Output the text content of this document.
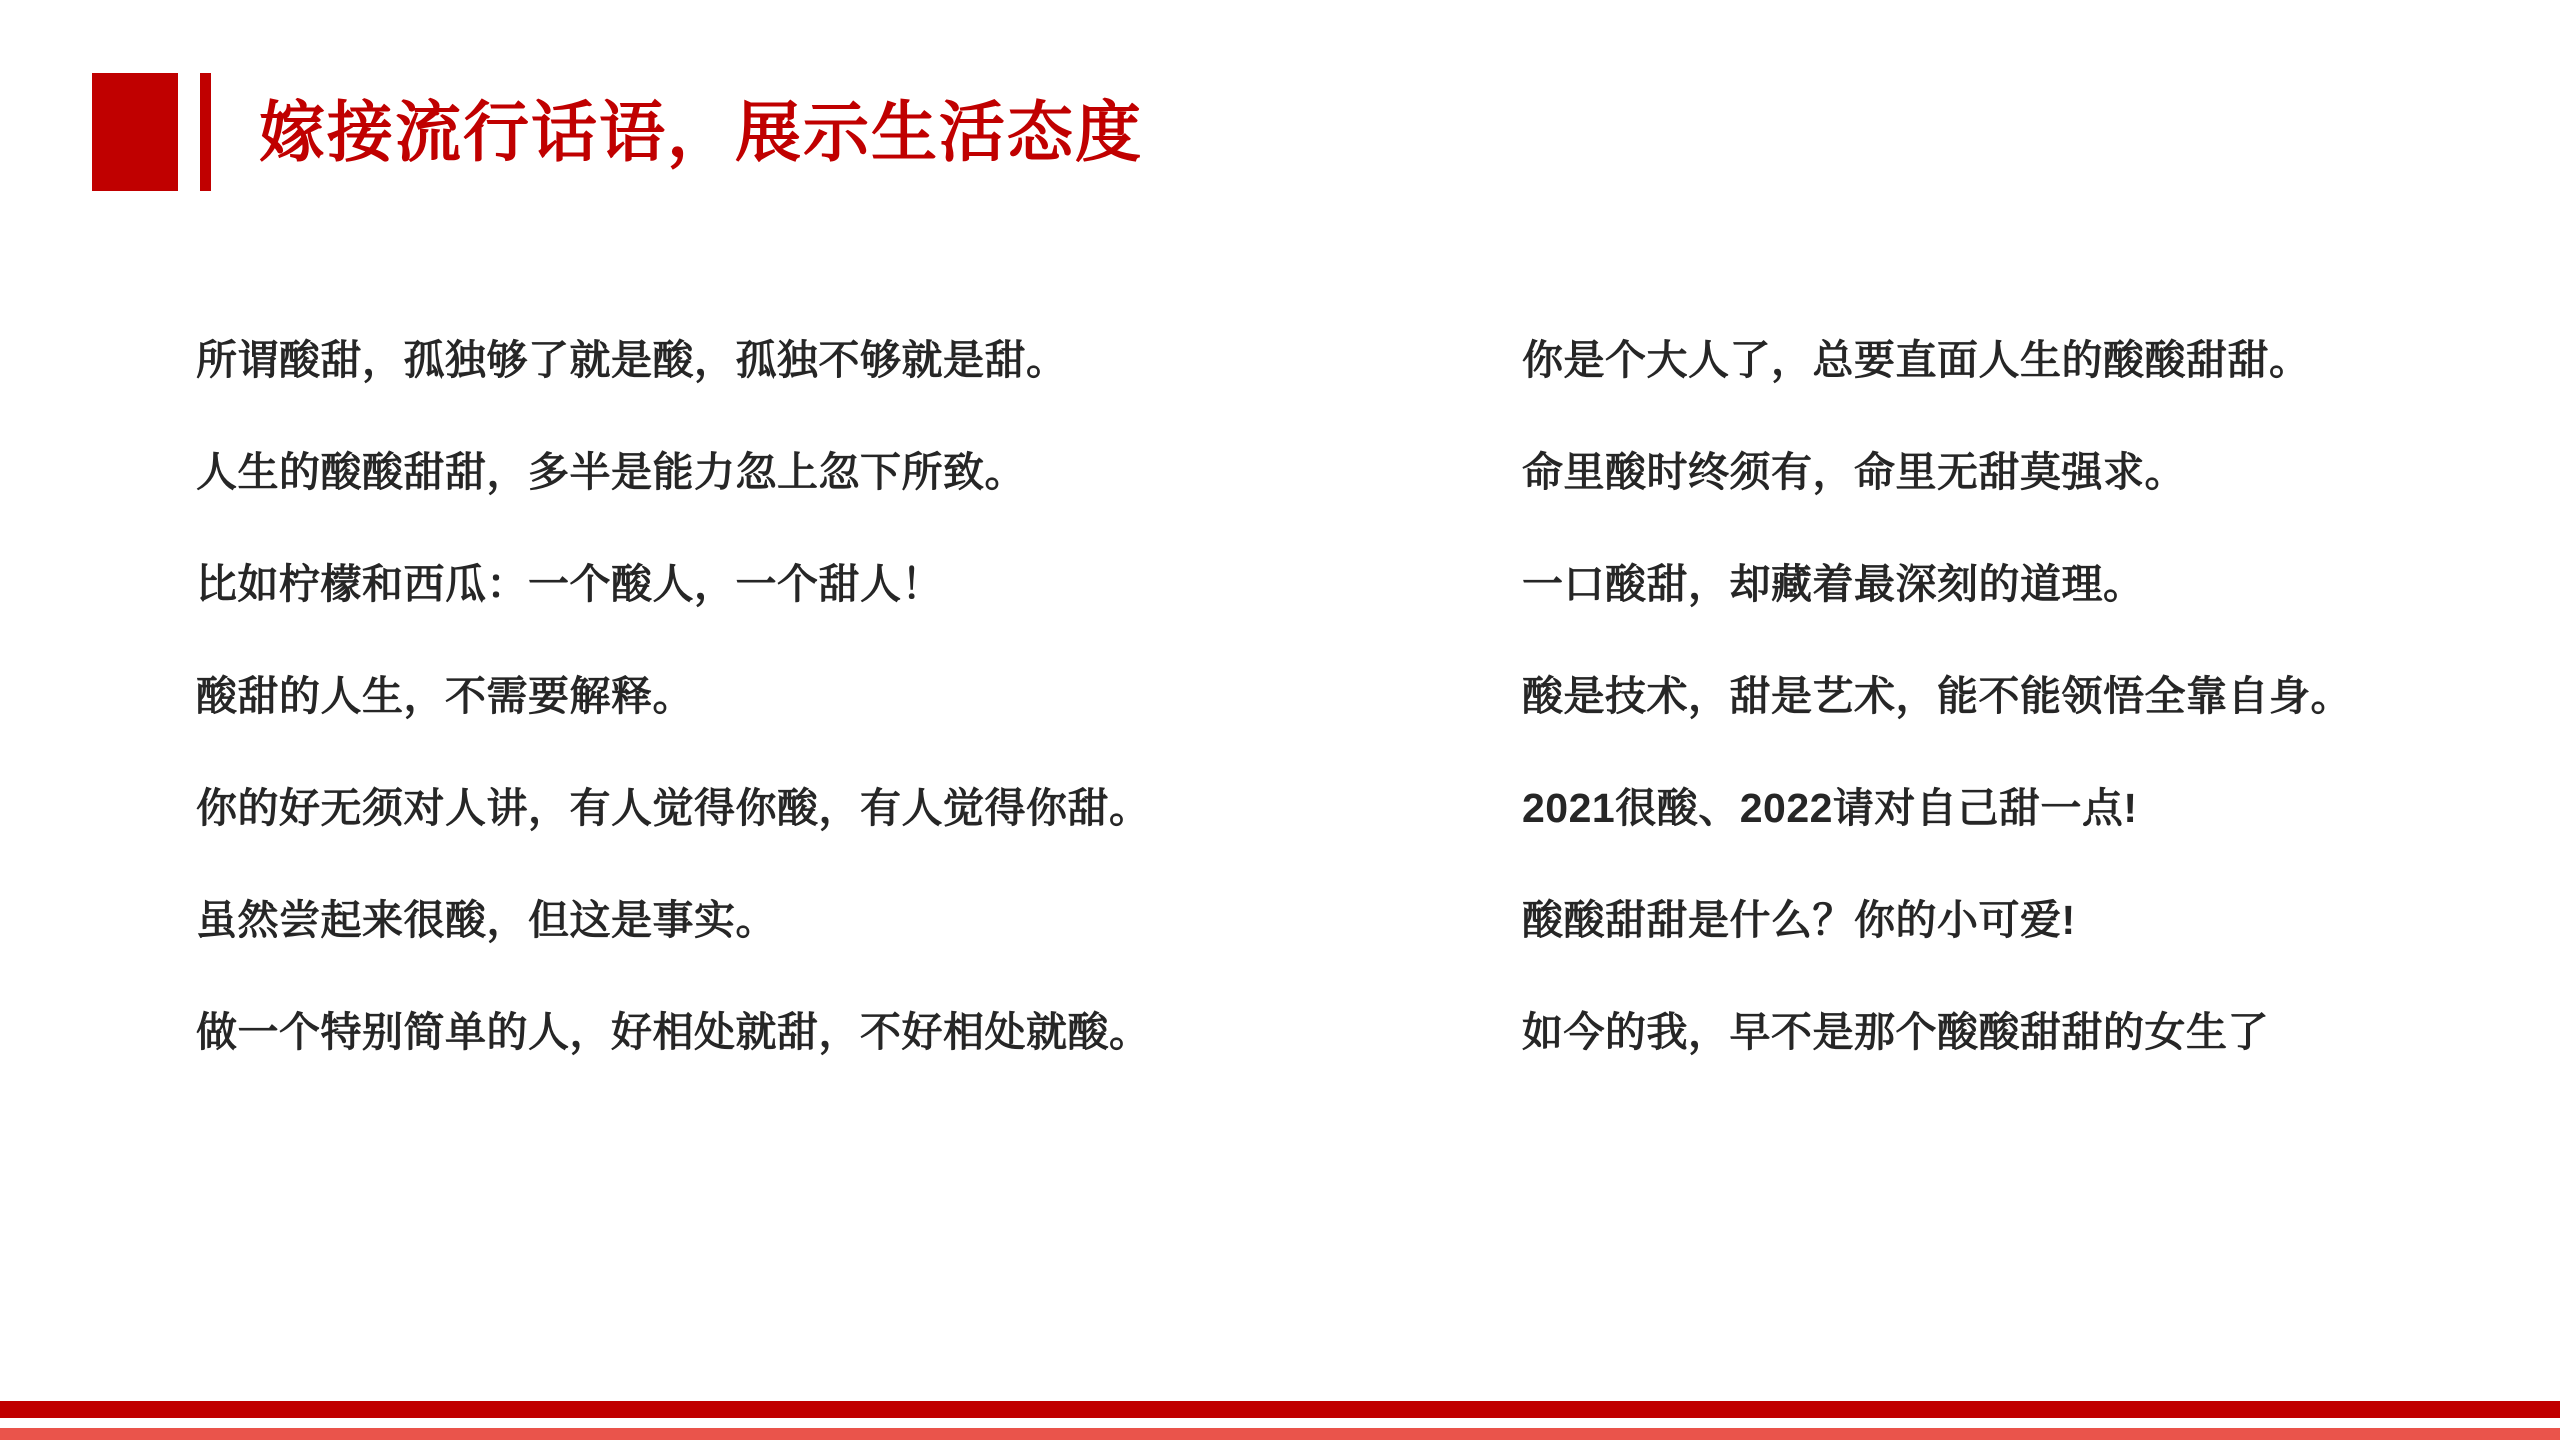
嫁接流行话语，展示生活态度
所谓酸甜，孤独够了就是酸，孤独不够就是甜。
人生的酸酸甜甜，多半是能力忽上忽下所致。
比如柠檬和西瓜：一个酸人，一个甜人！
酸甜的人生，不需要解释。
你的好无须对人讲，有人觉得你酸，有人觉得你甜。
虽然尝起来很酸，但这是事实。
做一个特别简单的人，好相处就甜，不好相处就酸。
你是个大人了，总要直面人生的酸酸甜甜。
命里酸时终须有，命里无甜莫强求。
一口酸甜，却藏着最深刻的道理。
酸是技术，甜是艺术，能不能领悟全靠自身。
2021很酸、2022请对自己甜一点!
酸酸甜甜是什么？你的小可爱!
如今的我，早不是那个酸酸甜甜的女生了
